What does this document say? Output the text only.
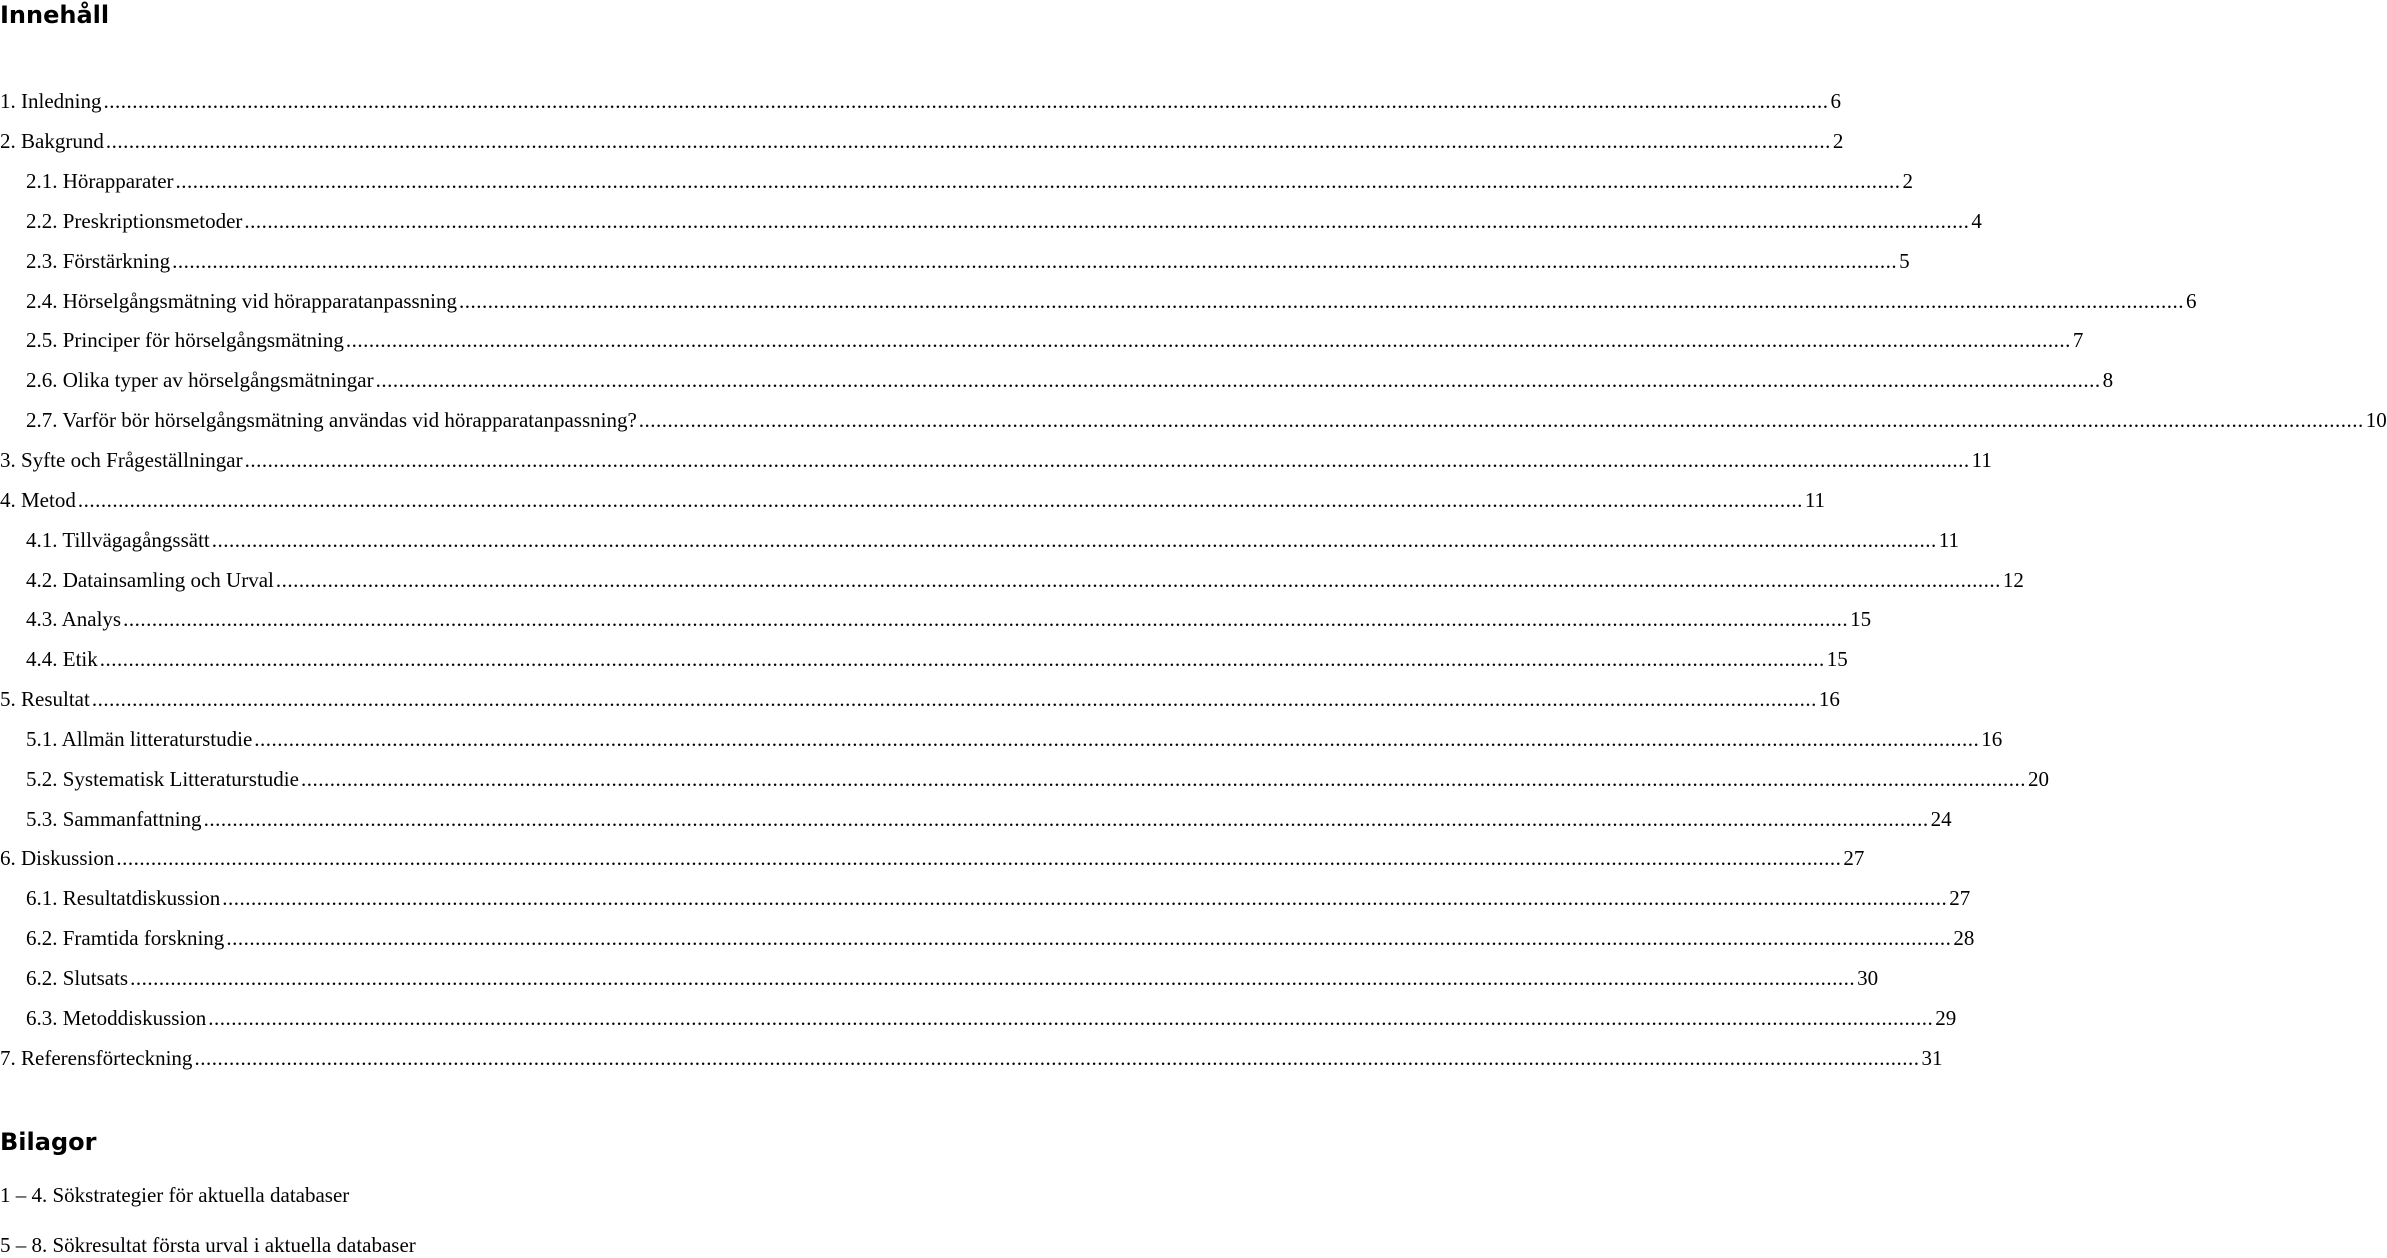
Innehåll
1. Inledning ............................................................................................................................................................................................................................................................................................................ 6
2. Bakgrund ............................................................................................................................................................................................................................................................................................................ 2
2.1. Hörapparater ............................................................................................................................................................................................................................................................................................................ 2
2.2. Preskriptionsmetoder ............................................................................................................................................................................................................................................................................................................ 4
2.3. Förstärkning ............................................................................................................................................................................................................................................................................................................ 5
2.4. Hörselgångsmätning vid hörapparatanpassning ............................................................................................................................................................................................................................................................................................................ 6
2.5. Principer för hörselgångsmätning ............................................................................................................................................................................................................................................................................................................ 7
2.6. Olika typer av hörselgångsmätningar ............................................................................................................................................................................................................................................................................................................ 8
2.7. Varför bör hörselgångsmätning användas vid hörapparatanpassning? ............................................................................................................................................................................................................................................................................................................ 10
3. Syfte och Frågeställningar ............................................................................................................................................................................................................................................................................................................ 11
4. Metod ............................................................................................................................................................................................................................................................................................................ 11
4.1. Tillvägagångssätt ............................................................................................................................................................................................................................................................................................................ 11
4.2. Datainsamling och Urval ............................................................................................................................................................................................................................................................................................................ 12
4.3. Analys ............................................................................................................................................................................................................................................................................................................ 15
4.4. Etik ............................................................................................................................................................................................................................................................................................................ 15
5. Resultat ............................................................................................................................................................................................................................................................................................................ 16
5.1. Allmän litteraturstudie ............................................................................................................................................................................................................................................................................................................ 16
5.2. Systematisk Litteraturstudie ............................................................................................................................................................................................................................................................................................................ 20
5.3. Sammanfattning ............................................................................................................................................................................................................................................................................................................ 24
6. Diskussion ............................................................................................................................................................................................................................................................................................................ 27
6.1. Resultatdiskussion ............................................................................................................................................................................................................................................................................................................ 27
6.2. Framtida forskning ............................................................................................................................................................................................................................................................................................................ 28
6.2. Slutsats ............................................................................................................................................................................................................................................................................................................ 30
6.3. Metoddiskussion ............................................................................................................................................................................................................................................................................................................ 29
7. Referensförteckning ............................................................................................................................................................................................................................................................................................................ 31
Bilagor

1 – 4. Sökstrategier för aktuella databaser

5 – 8. Sökresultat första urval i aktuella databaser
